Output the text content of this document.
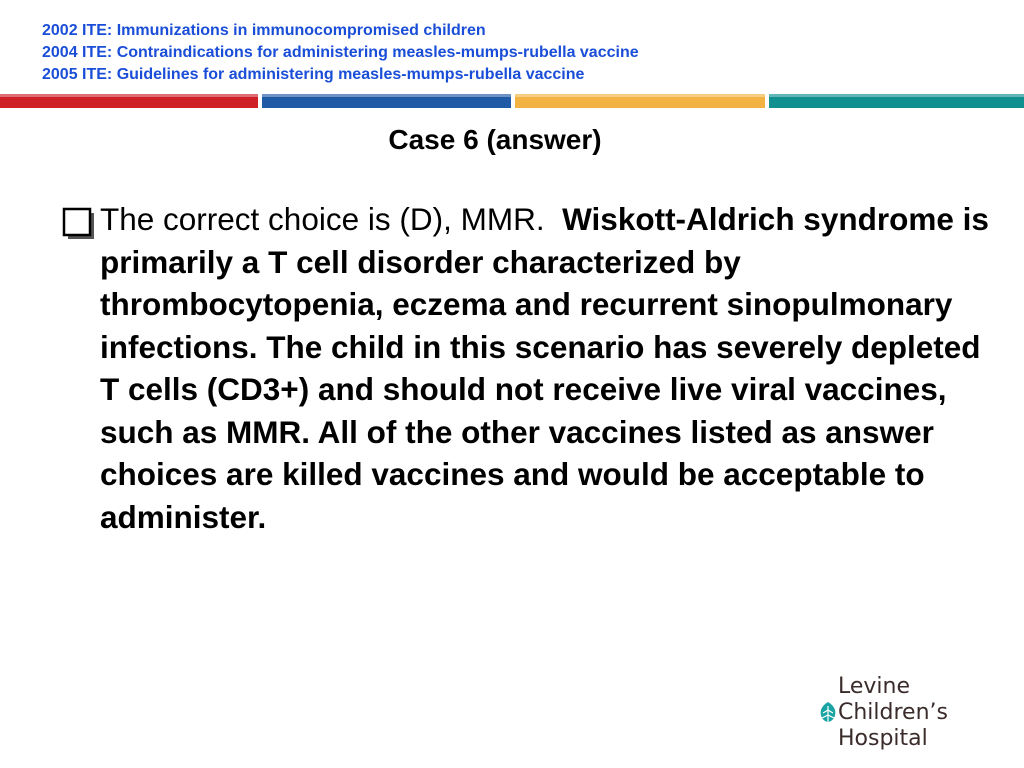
2002 ITE: Immunizations in immunocompromised children
2004 ITE: Contraindications for administering measles-mumps-rubella vaccine
2005 ITE: Guidelines for administering measles-mumps-rubella vaccine
Case 6 (answer)
The correct choice is (D), MMR. Wiskott-Aldrich syndrome is primarily a T cell disorder characterized by thrombocytopenia, eczema and recurrent sinopulmonary infections. The child in this scenario has severely depleted T cells (CD3+) and should not receive live viral vaccines, such as MMR. All of the other vaccines listed as answer choices are killed vaccines and would be acceptable to administer.
Levine
Children’s
Hospital
